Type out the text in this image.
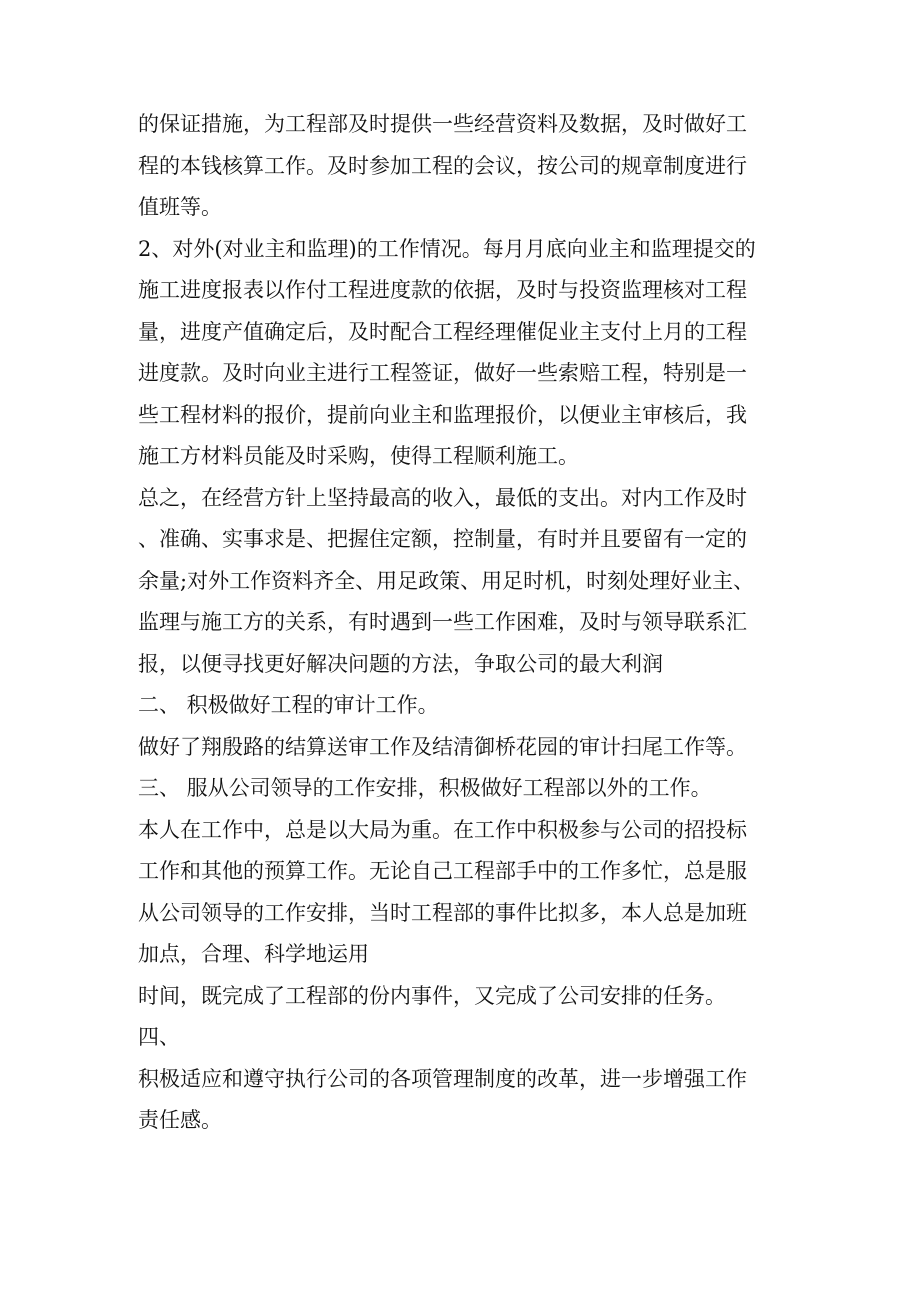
的保证措施，为工程部及时提供一些经营资料及数据，及时做好工
程的本钱核算工作。及时参加工程的会议，按公司的规章制度进行
值班等。
2、对外(对业主和监理)的工作情况。每月月底向业主和监理提交的
施工进度报表以作付工程进度款的依据，及时与投资监理核对工程
量，进度产值确定后，及时配合工程经理催促业主支付上月的工程
进度款。及时向业主进行工程签证，做好一些索赔工程，特别是一
些工程材料的报价，提前向业主和监理报价，以便业主审核后，我
施工方材料员能及时采购，使得工程顺利施工。
总之，在经营方针上坚持最高的收入，最低的支出。对内工作及时
、准确、实事求是、把握住定额，控制量，有时并且要留有一定的
余量;对外工作资料齐全、用足政策、用足时机，时刻处理好业主、
监理与施工方的关系，有时遇到一些工作困难，及时与领导联系汇
报，以便寻找更好解决问题的方法，争取公司的最大利润
二、 积极做好工程的审计工作。
做好了翔殷路的结算送审工作及结清御桥花园的审计扫尾工作等。
三、 服从公司领导的工作安排，积极做好工程部以外的工作。
本人在工作中，总是以大局为重。在工作中积极参与公司的招投标
工作和其他的预算工作。无论自己工程部手中的工作多忙，总是服
从公司领导的工作安排，当时工程部的事件比拟多，本人总是加班
加点，合理、科学地运用
时间，既完成了工程部的份内事件，又完成了公司安排的任务。
四、
积极适应和遵守执行公司的各项管理制度的改革，进一步增强工作
责任感。
